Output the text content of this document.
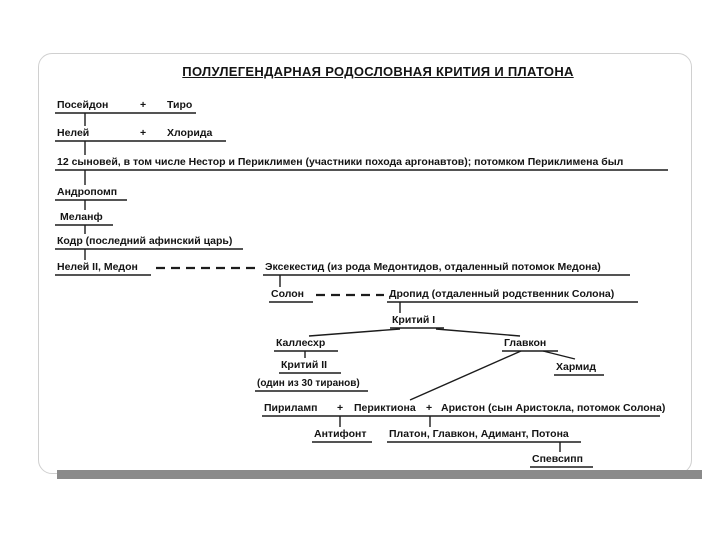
ПОЛУЛЕГЕНДАРНАЯ РОДОСЛОВНАЯ КРИТИЯ И ПЛАТОНА
Посейдон	+ Тиро
Нелей	+ Хлорида
12 сыновей, в том числе Нестор и Периклимен (участники похода аргонавтов); потомком Периклимена был
Андропомп
Меланф
Кодр (последний афинский царь)
Нелей II, Медон	Эксекестид (из рода Медонтидов, отдаленный потомок Медона)
Солон	Дропид (отдаленный родственник Солона)
Критий I
Каллесхр	Главкон
Критий II
(один из 30 тиранов)
Хармид
Пириламп + Периктиона + Аристон (сын Аристокла, потомок Солона)
Антифонт Платон, Главкон, Адимант, Потона
Спевсипп
